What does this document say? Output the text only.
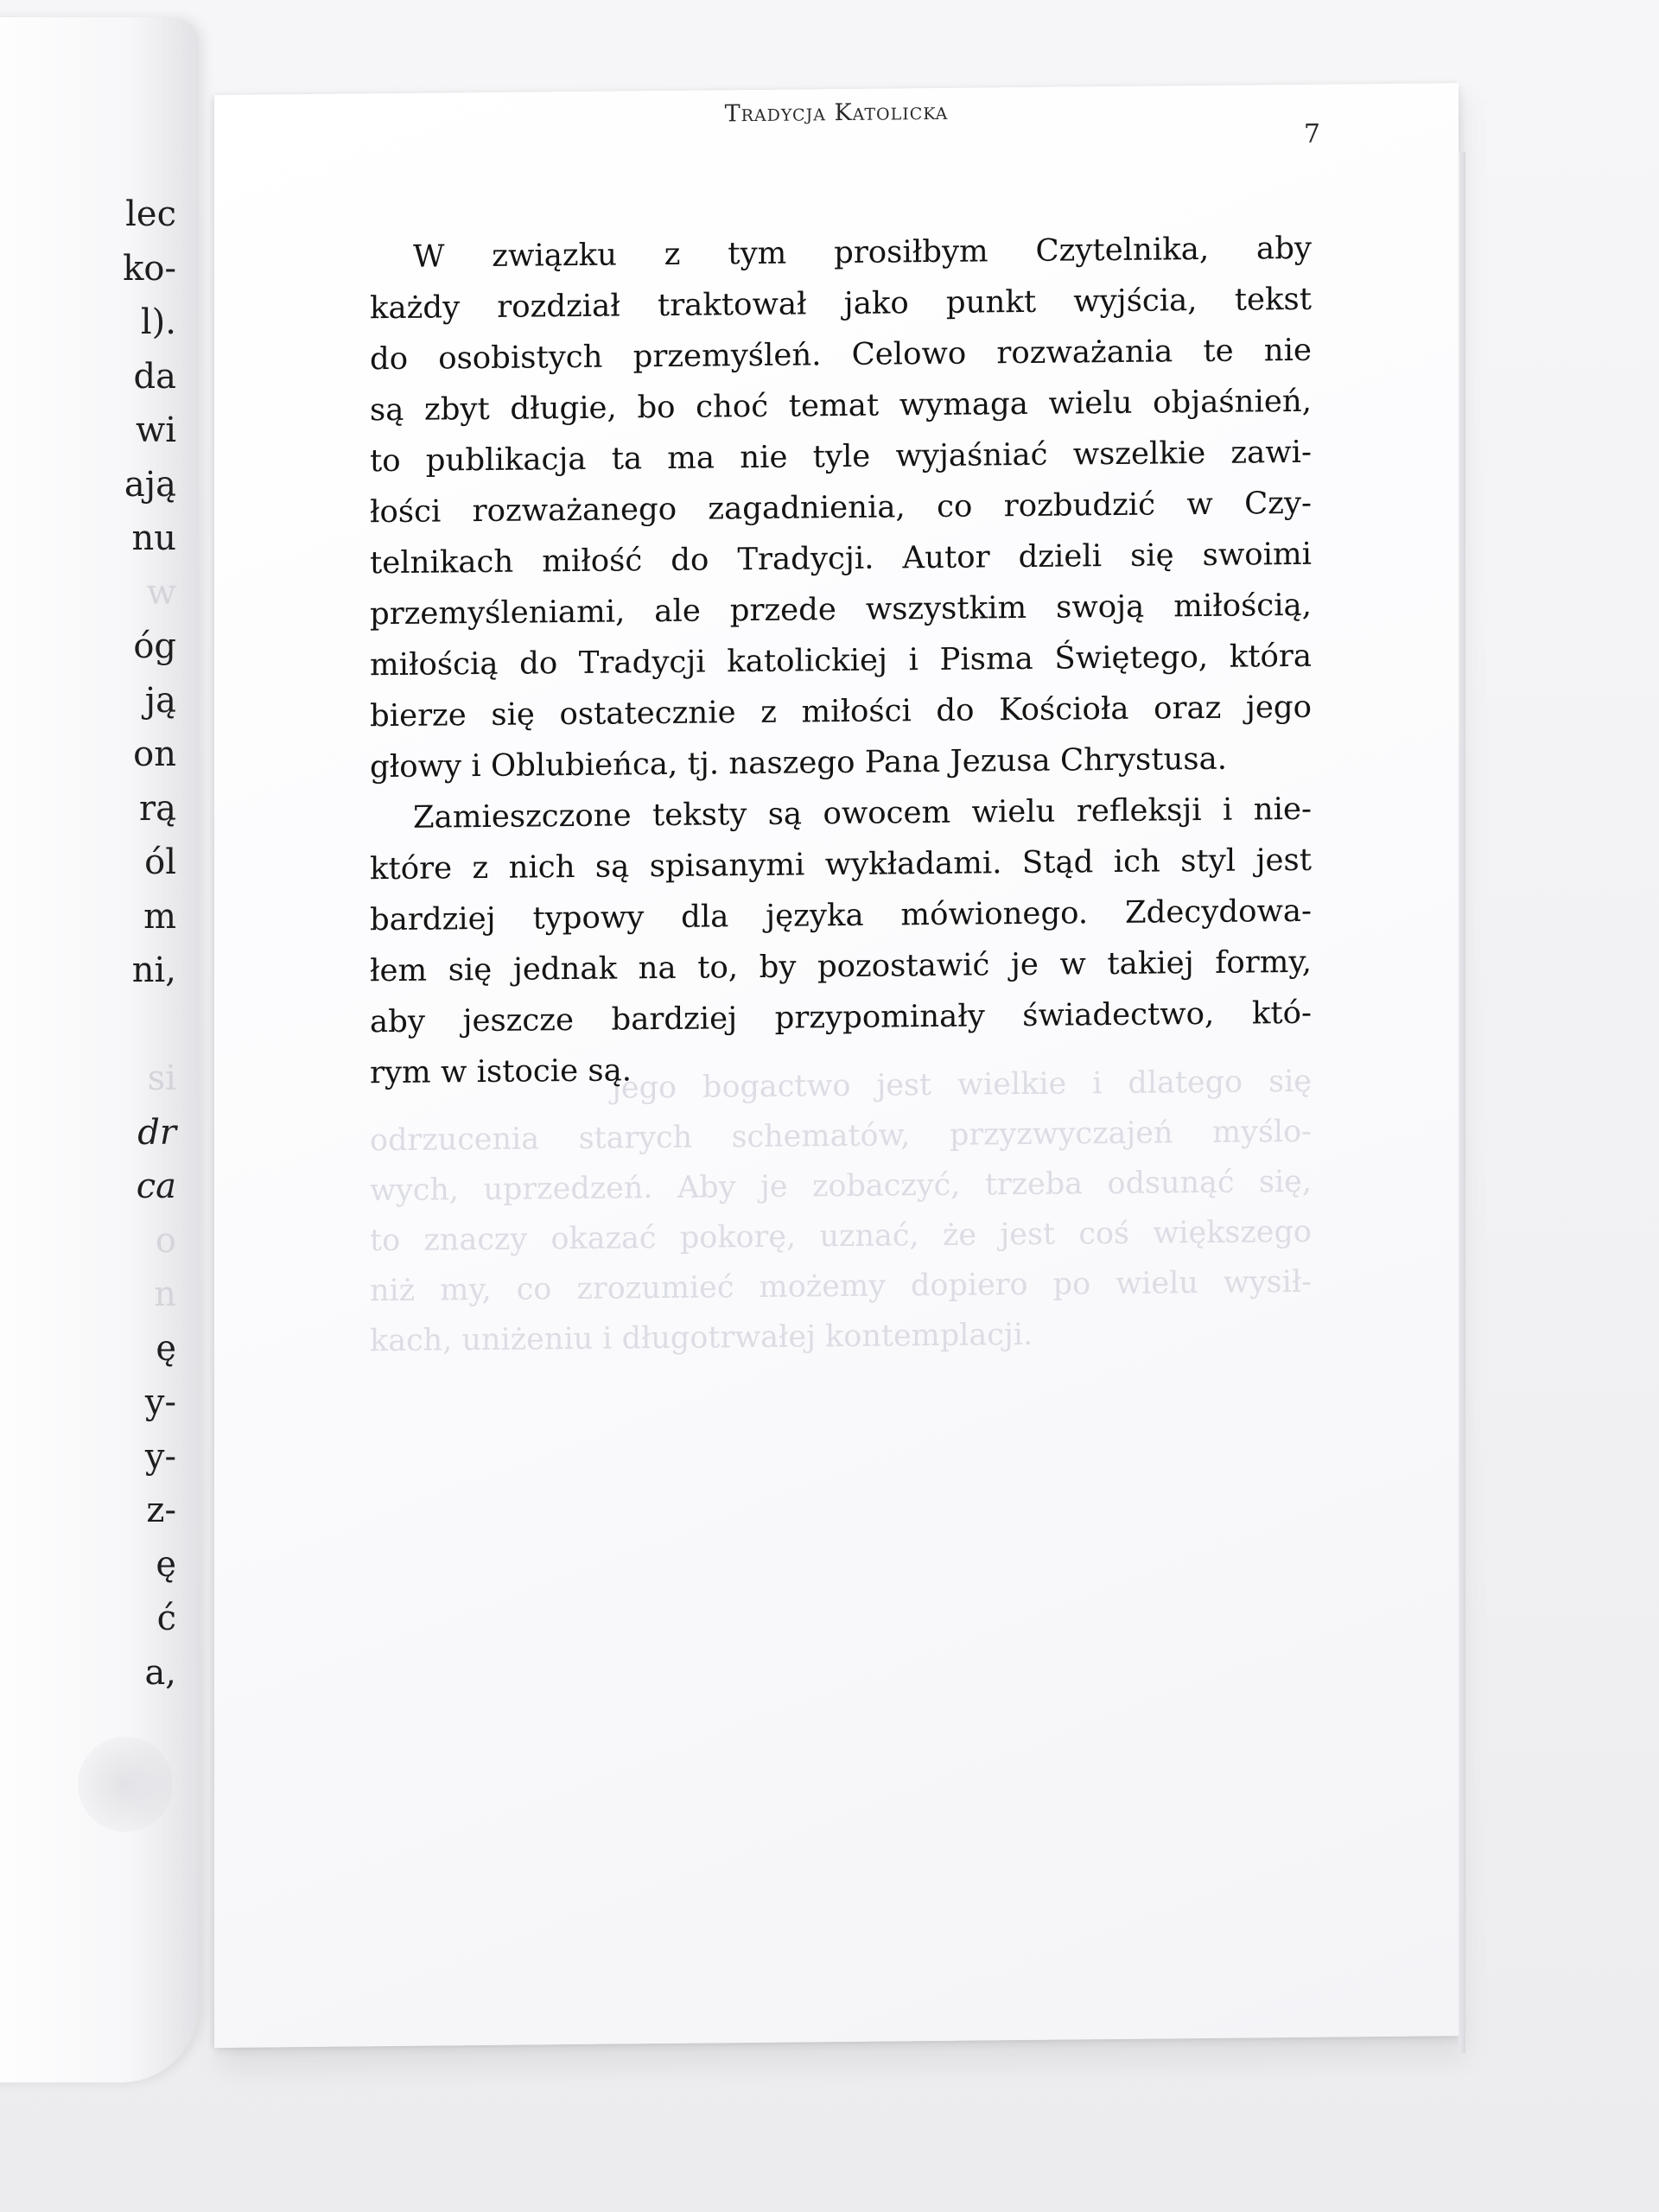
lec
ko-
l).
da
wi
ają
nu
w
óg
ją
on
rą
ól
m
ni,
si
dr
ca
o
n
ę
y-
y-
z-
ę
ć
a,
Tradycja Katolicka
7
jego bogactwo jest wielkie i dlatego się
odrzucenia starych schematów, przyzwyczajeń myślo-
wych, uprzedzeń. Aby je zobaczyć, trzeba odsunąć się,
to znaczy okazać pokorę, uznać, że jest coś większego
niż my, co zrozumieć możemy dopiero po wielu wysił-
kach, uniżeniu i długotrwałej kontemplacji.

W związku z tym prosiłbym Czytelnika, aby
każdy rozdział traktował jako punkt wyjścia, tekst
do osobistych przemyśleń. Celowo rozważania te nie
są zbyt długie, bo choć temat wymaga wielu objaśnień,
to publikacja ta ma nie tyle wyjaśniać wszelkie zawi-
łości rozważanego zagadnienia, co rozbudzić w Czy-
telnikach miłość do Tradycji. Autor dzieli się swoimi
przemyśleniami, ale przede wszystkim swoją miłością,
miłością do Tradycji katolickiej i Pisma Świętego, która
bierze się ostatecznie z miłości do Kościoła oraz jego
głowy i Oblubieńca, tj. naszego Pana Jezusa Chrystusa.

Zamieszczone teksty są owocem wielu refleksji i nie-
które z nich są spisanymi wykładami. Stąd ich styl jest
bardziej typowy dla języka mówionego. Zdecydowa-
łem się jednak na to, by pozostawić je w takiej formy,
aby jeszcze bardziej przypominały świadectwo, któ-
rym w istocie są.
